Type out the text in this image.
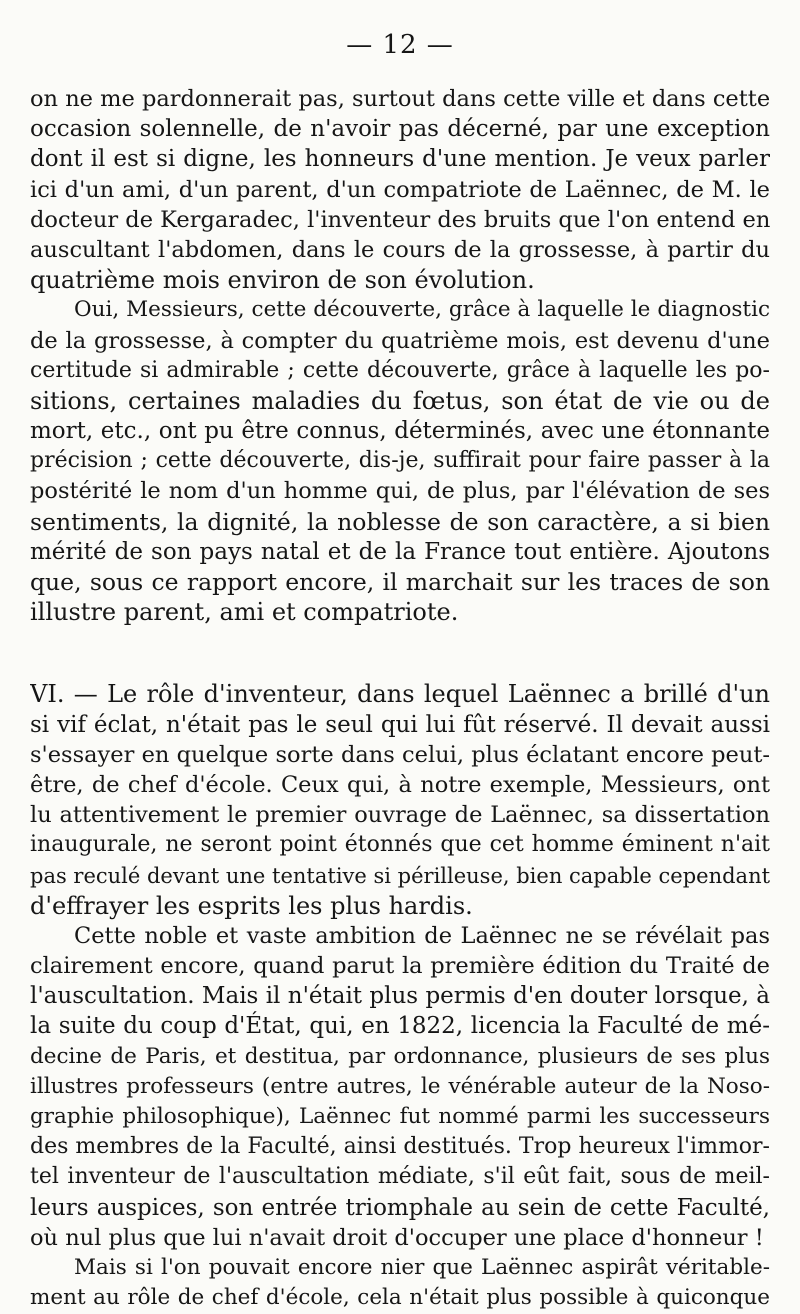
— 12 —
on ne me pardonnerait pas, surtout dans cette ville et dans cette
occasion solennelle, de n'avoir pas décerné, par une exception
dont il est si digne, les honneurs d'une mention. Je veux parler
ici d'un ami, d'un parent, d'un compatriote de Laënnec, de M. le
docteur de Kergaradec, l'inventeur des bruits que l'on entend en
auscultant l'abdomen, dans le cours de la grossesse, à partir du
quatrième mois environ de son évolution.
Oui, Messieurs, cette découverte, grâce à laquelle le diagnostic
de la grossesse, à compter du quatrième mois, est devenu d'une
certitude si admirable ; cette découverte, grâce à laquelle les po-
sitions, certaines maladies du fœtus, son état de vie ou de
mort, etc., ont pu être connus, déterminés, avec une étonnante
précision ; cette découverte, dis-je, suffirait pour faire passer à la
postérité le nom d'un homme qui, de plus, par l'élévation de ses
sentiments, la dignité, la noblesse de son caractère, a si bien
mérité de son pays natal et de la France tout entière. Ajoutons
que, sous ce rapport encore, il marchait sur les traces de son
illustre parent, ami et compatriote.
VI. — Le rôle d'inventeur, dans lequel Laënnec a brillé d'un
si vif éclat, n'était pas le seul qui lui fût réservé. Il devait aussi
s'essayer en quelque sorte dans celui, plus éclatant encore peut-
être, de chef d'école. Ceux qui, à notre exemple, Messieurs, ont
lu attentivement le premier ouvrage de Laënnec, sa dissertation
inaugurale, ne seront point étonnés que cet homme éminent n'ait
pas reculé devant une tentative si périlleuse, bien capable cependant
d'effrayer les esprits les plus hardis.
Cette noble et vaste ambition de Laënnec ne se révélait pas
clairement encore, quand parut la première édition du Traité de
l'auscultation. Mais il n'était plus permis d'en douter lorsque, à
la suite du coup d'État, qui, en 1822, licencia la Faculté de mé-
decine de Paris, et destitua, par ordonnance, plusieurs de ses plus
illustres professeurs (entre autres, le vénérable auteur de la Noso-
graphie philosophique), Laënnec fut nommé parmi les successeurs
des membres de la Faculté, ainsi destitués. Trop heureux l'immor-
tel inventeur de l'auscultation médiate, s'il eût fait, sous de meil-
leurs auspices, son entrée triomphale au sein de cette Faculté,
où nul plus que lui n'avait droit d'occuper une place d'honneur !
Mais si l'on pouvait encore nier que Laënnec aspirât véritable-
ment au rôle de chef d'école, cela n'était plus possible à quiconque
